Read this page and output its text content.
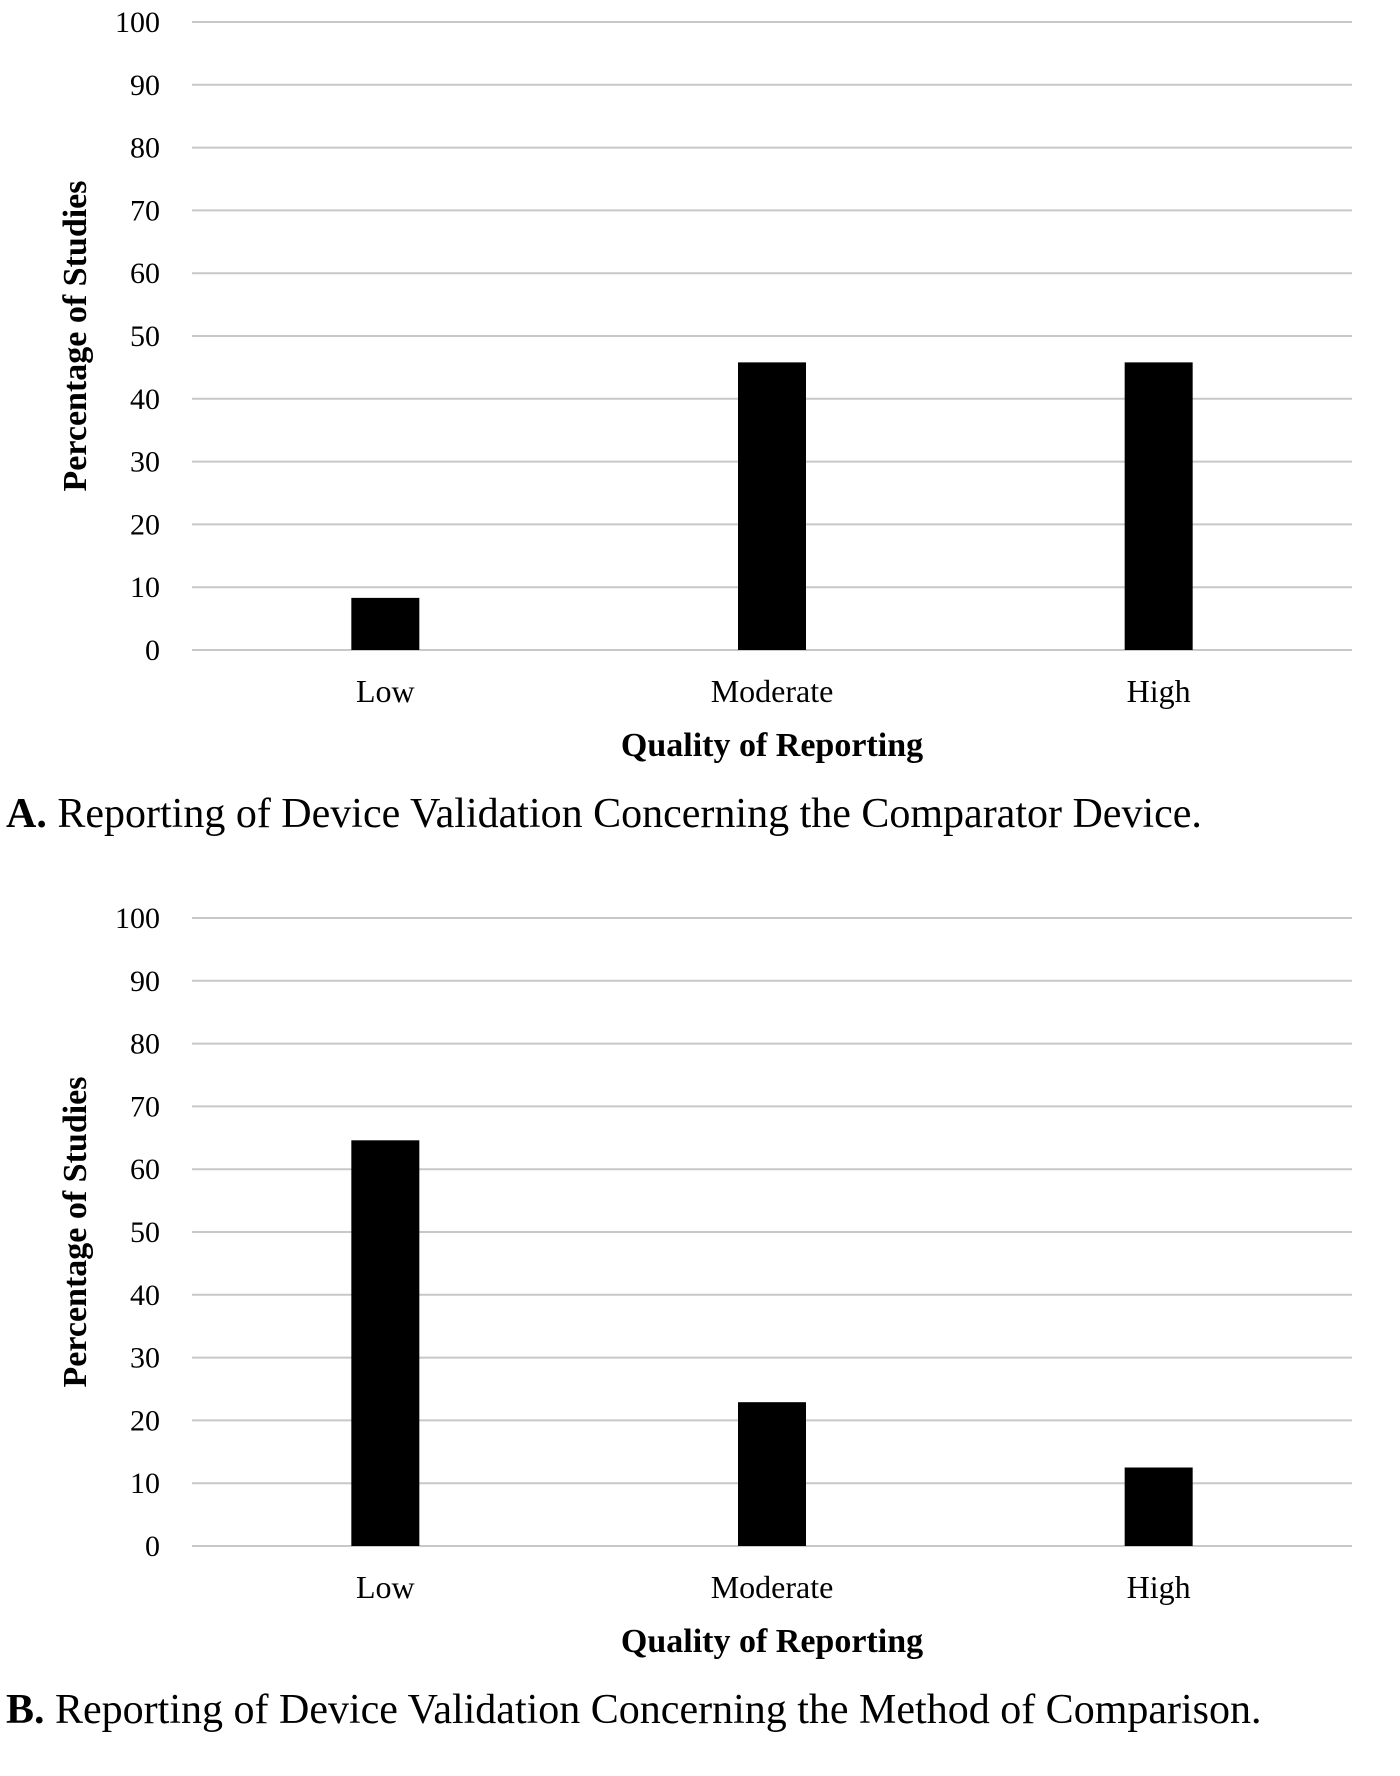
0
10
20
30
40
50
60
70
80
90
100
Low	Moderate	High
Quality of Reporting
Percentage of Studies
A. Reporting of Device Validation Concerning the Comparator Device.
0
10
20
30
40
50
60
70
80
90
100
Low	Moderate	High
Quality of Reporting
Percentage of Studies
B. Reporting of Device Validation Concerning the Method of Comparison.
